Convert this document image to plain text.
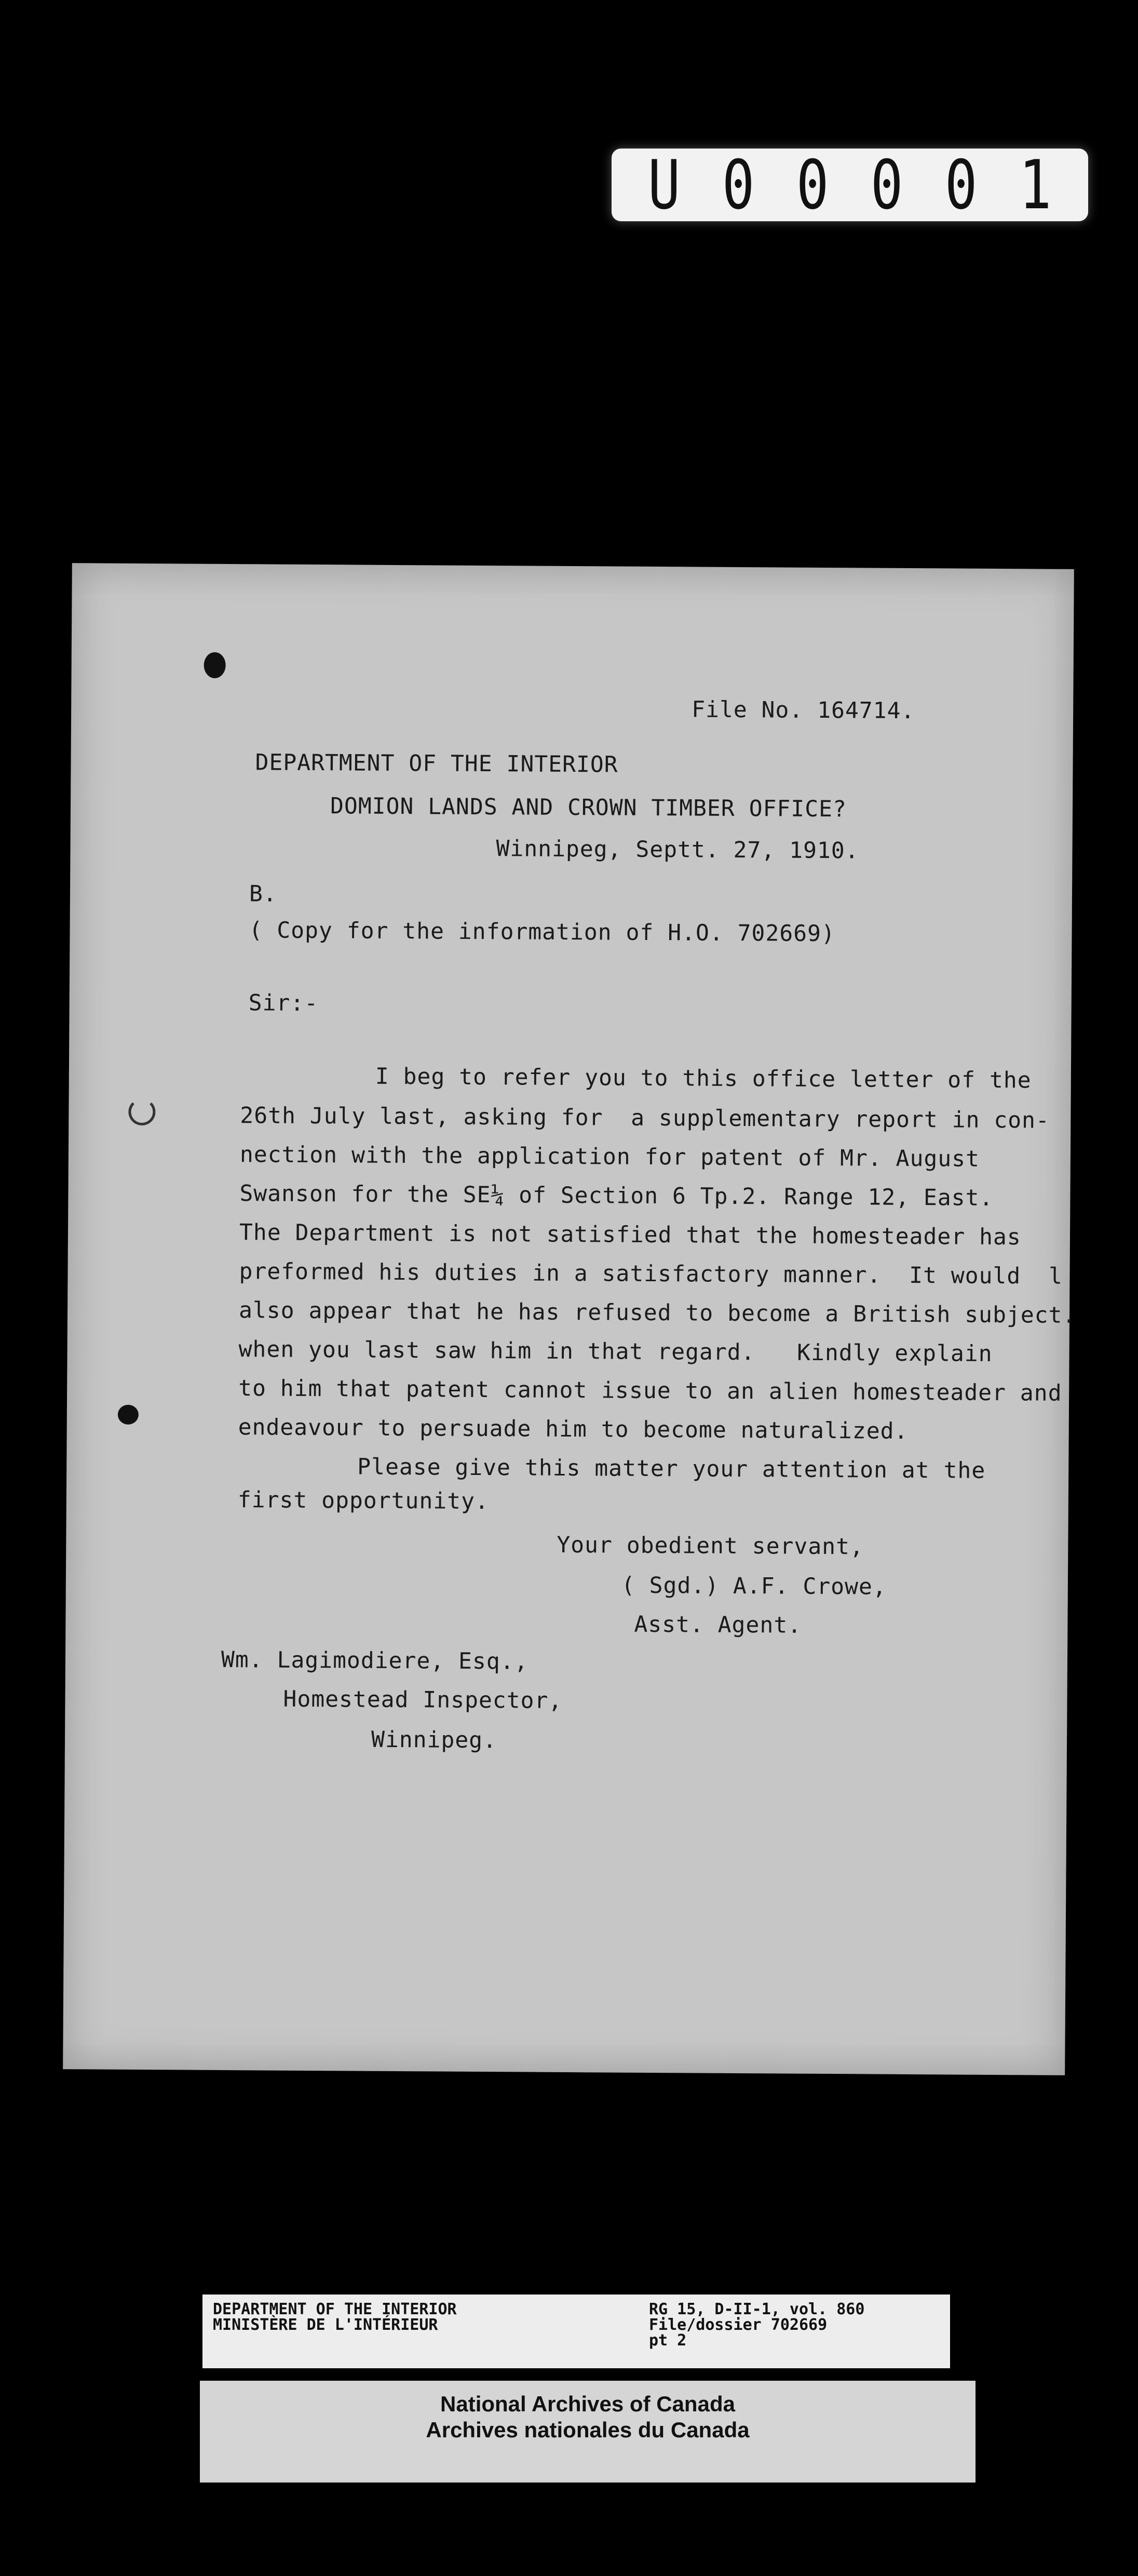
U 0 0 0 0 1
File No. 164714.
DEPARTMENT OF THE INTERIOR
DOMION LANDS AND CROWN TIMBER OFFICE?
Winnipeg, Septt. 27, 1910.
B.
( Copy for the information of H.O. 702669)
Sir:-
I beg to refer you to this office letter of the
26th July last, asking for  a supplementary report in con-
nection with the application for patent of Mr. August
Swanson for the SE¼ of Section 6 Tp.2. Range 12, East.
The Department is not satisfied that the homesteader has
preformed his duties in a satisfactory manner.  It would  l
also appear that he has refused to become a British subject.
when you last saw him in that regard.   Kindly explain
to him that patent cannot issue to an alien homesteader and
endeavour to persuade him to become naturalized.
Please give this matter your attention at the
first opportunity.
Your obedient servant,
( Sgd.) A.F. Crowe,
Asst. Agent.
Wm. Lagimodiere, Esq.,
Homestead Inspector,
Winnipeg.
DEPARTMENT OF THE INTERIOR
MINISTÈRE DE L'INTÉRIEUR
RG 15, D-II-1, vol. 860
File/dossier 702669
pt 2
National Archives of Canada
Archives nationales du Canada
